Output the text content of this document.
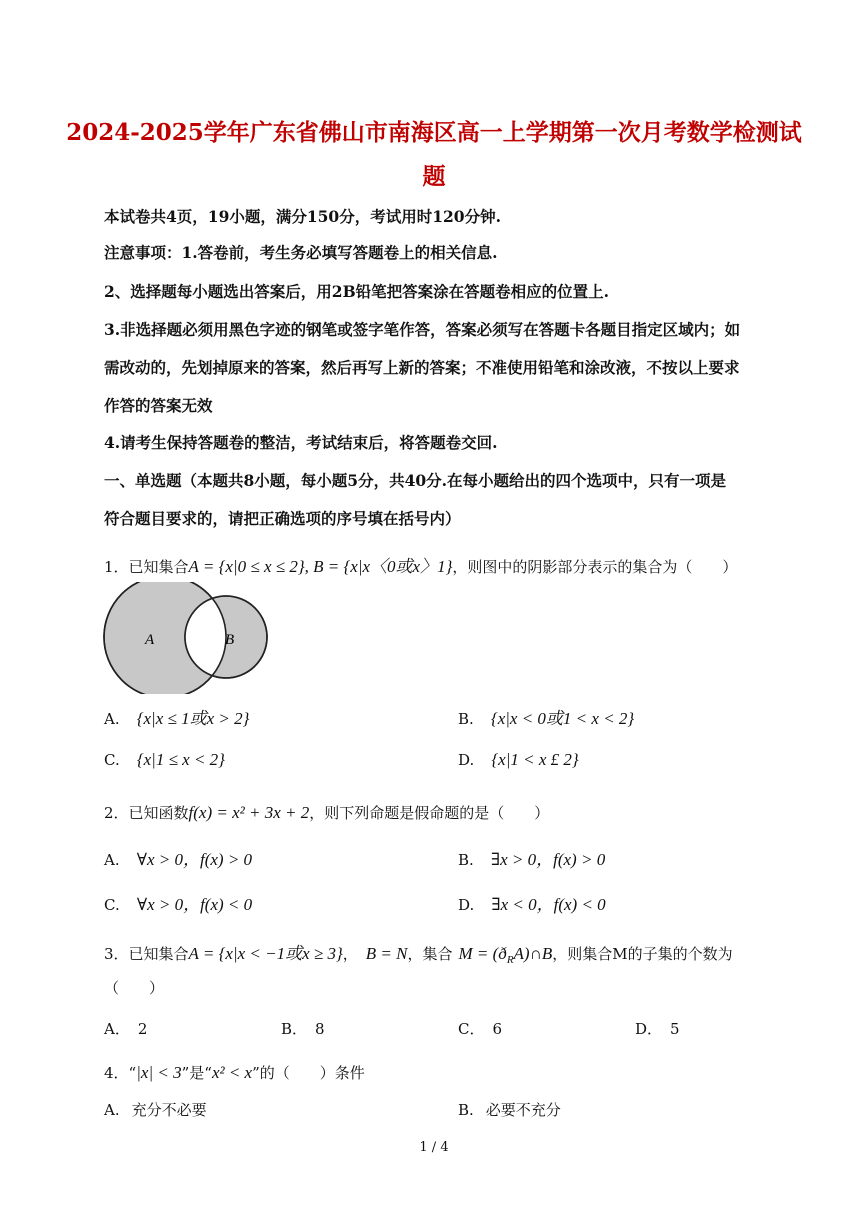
2024-2025学年广东省佛山市南海区高一上学期第一次月考数学检测试
题
本试卷共4页，19小题，满分150分，考试用时120分钟.
注意事项：1.答卷前，考生务必填写答题卷上的相关信息.
2、选择题每小题选出答案后，用2B铅笔把答案涂在答题卷相应的位置上.
3.非选择题必须用黑色字迹的钢笔或签字笔作答，答案必须写在答题卡各题目指定区域内；如
需改动的，先划掉原来的答案，然后再写上新的答案；不准使用铅笔和涂改液，不按以上要求
作答的答案无效
4.请考生保持答题卷的整洁，考试结束后，将答题卷交回.
一、单选题（本题共8小题，每小题5分，共40分.在每小题给出的四个选项中，只有一项是
符合题目要求的，请把正确选项的序号填在括号内）
1．已知集合A = {x|0 ≤ x ≤ 2}, B = {x|x〈0或x〉1}，则图中的阴影部分表示的集合为（　　）
A	B
A. {x|x ≤ 1或x > 2}	B. {x|x < 0或1 < x < 2}
C. {x|1 ≤ x < 2}	D. {x|1 < x £ 2}
2．已知函数f(x) = x² + 3x + 2，则下列命题是假命题的是（　　）
A. ∀x > 0，f(x) > 0	B. ∃x > 0，f(x) > 0
C. ∀x > 0，f(x) < 0	D. ∃x < 0，f(x) < 0
3．已知集合A = {x|x < −1或x ≥ 3}， B = N，集合 $M = (ð_RA)\cap B$，则集合M的子集的个数为
（　　）
A． 2	B． 8	C． 6	D． 5
4．“|x| < 3”是“x² < x”的（　　）条件
A. 充分不必要	B. 必要不充分
1 / 4
